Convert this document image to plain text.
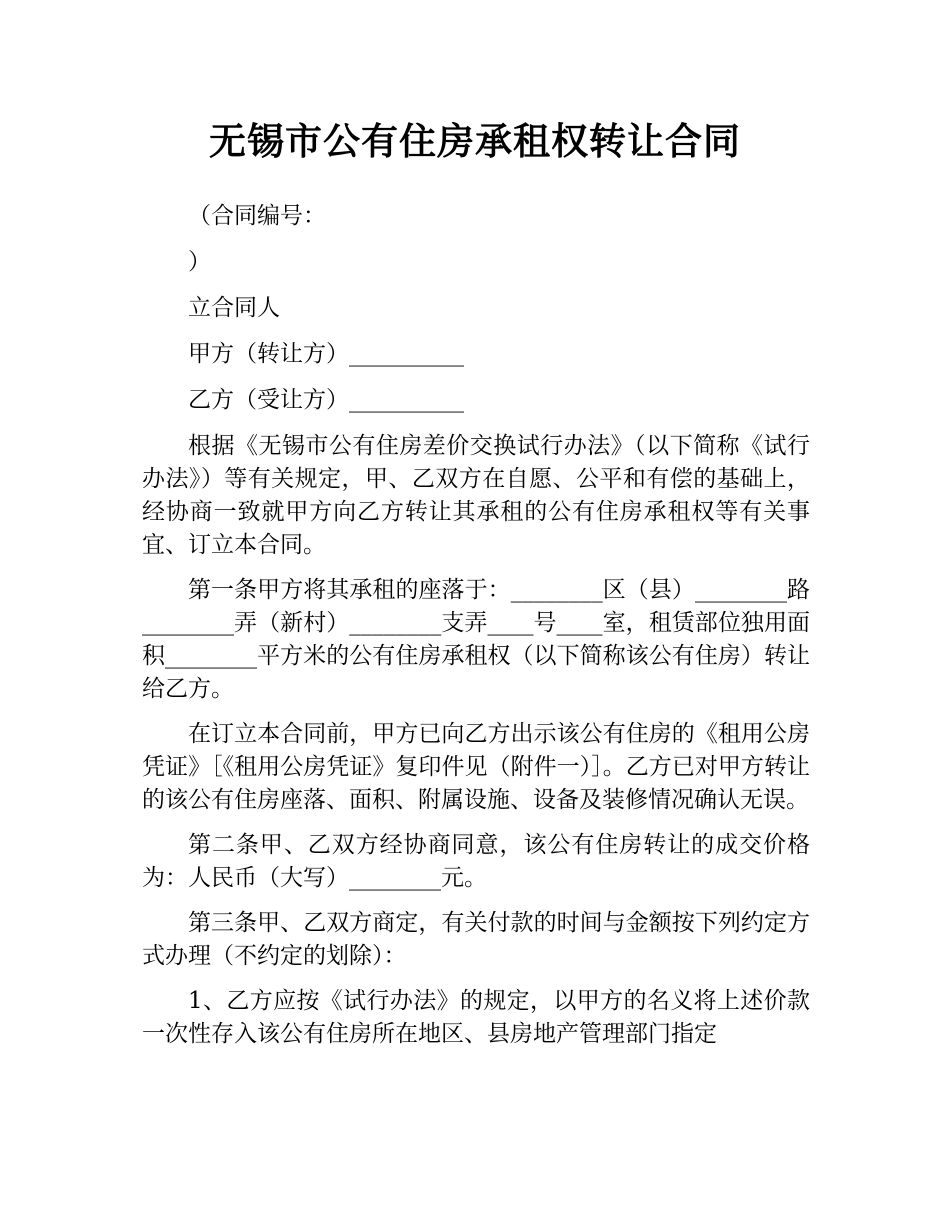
无锡市公有住房承租权转让合同

（合同编号：

）

立合同人

甲方（转让方）__________

乙方（受让方）__________

根据《无锡市公有住房差价交换试行办法》（以下简称《试行办法》）等有关规定，甲、乙双方在自愿、公平和有偿的基础上，经协商一致就甲方向乙方转让其承租的公有住房承租权等有关事宜、订立本合同。

第一条甲方将其承租的座落于：________区（县）________路________弄（新村）________支弄____号____室，租赁部位独用面积________平方米的公有住房承租权（以下简称该公有住房）转让给乙方。

在订立本合同前，甲方已向乙方出示该公有住房的《租用公房凭证》［《租用公房凭证》复印件见（附件一）］。乙方已对甲方转让的该公有住房座落、面积、附属设施、设备及装修情况确认无误。

第二条甲、乙双方经协商同意，该公有住房转让的成交价格为：人民币（大写）________元。

第三条甲、乙双方商定，有关付款的时间与金额按下列约定方式办理（不约定的划除）：

1、乙方应按《试行办法》的规定，以甲方的名义将上述价款一次性存入该公有住房所在地区、县房地产管理部门指定
